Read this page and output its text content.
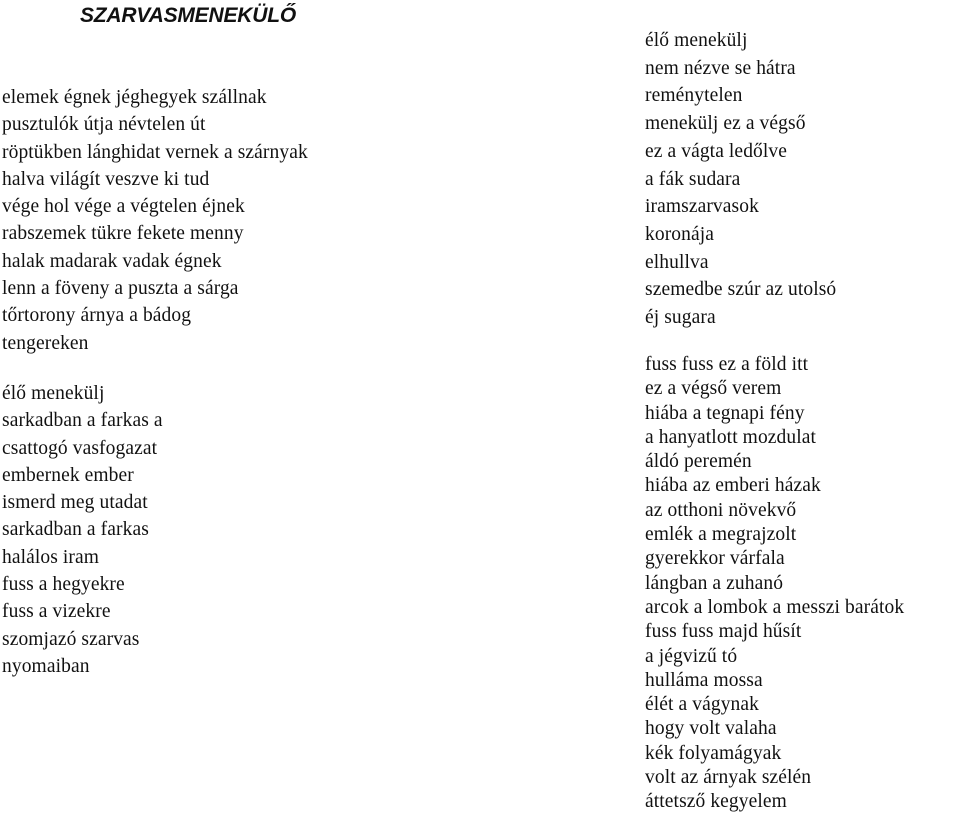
SZARVASMENEKÜLŐ
elemek égnek jéghegyek szállnak
pusztulók útja névtelen út
röptükben lánghidat vernek a szárnyak
halva világít veszve ki tud
vége hol vége a végtelen éjnek
rabszemek tükre fekete menny
halak madarak vadak égnek
lenn a föveny a puszta a sárga
tőrtorony árnya a bádog
tengereken
élő menekülj
sarkadban a farkas a
csattogó vasfogazat
embernek ember
ismerd meg utadat
sarkadban a farkas
halálos iram
fuss a hegyekre
fuss a vizekre
szomjazó szarvas
nyomaiban
élő menekülj
nem nézve se hátra
reménytelen
menekülj ez a végső
ez a vágta ledőlve
a fák sudara
iramszarvasok
koronája
elhullva
szemedbe szúr az utolsó
éj sugara
fuss fuss ez a föld itt
ez a végső verem
hiába a tegnapi fény
a hanyatlott mozdulat
áldó peremén
hiába az emberi házak
az otthoni növekvő
emlék a megrajzolt
gyerekkor várfala
lángban a zuhanó
arcok a lombok a messzi barátok
fuss fuss majd hűsít
a jégvizű tó
hulláma mossa
élét a vágynak
hogy volt valaha
kék folyamágyak
volt az árnyak szélén
áttetsző kegyelem
